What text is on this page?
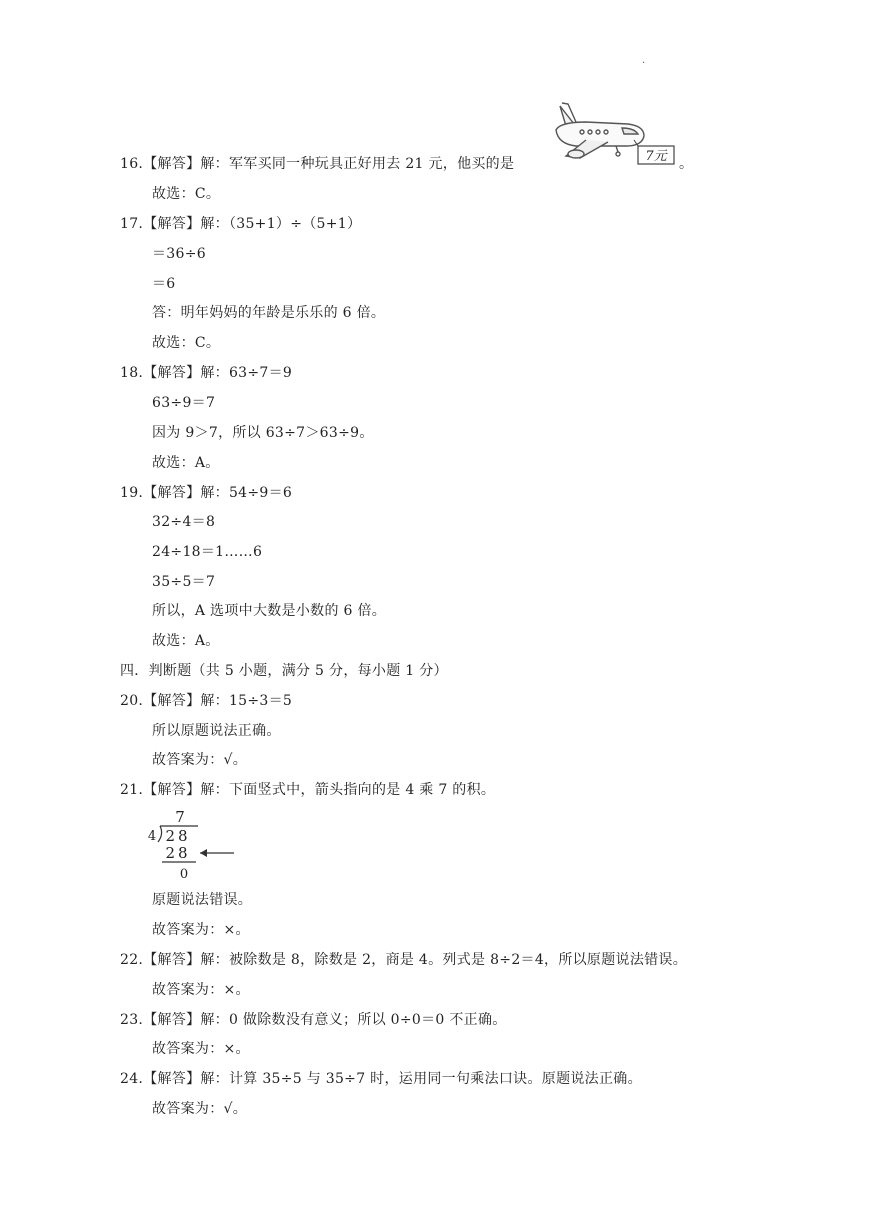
·
16.【解答】解：军军买同一种玩具正好用去 21 元，他买的是	7元 。
故选：C。
17.【解答】解：（35+1）÷（5+1）
＝36÷6
＝6
答：明年妈妈的年龄是乐乐的 6 倍。
故选：C。
18.【解答】解：63÷7＝9
63÷9＝7
因为 9＞7，所以 63÷7＞63÷9。
故选：A。
19.【解答】解：54÷9＝6
32÷4＝8
24÷18＝1……6
35÷5＝7
所以，A 选项中大数是小数的 6 倍。
故选：A。
四．判断题（共 5 小题，满分 5 分，每小题 1 分）
20.【解答】解：15÷3＝5
所以原题说法正确。
故答案为：√。
21.【解答】解：下面竖式中，箭头指向的是 4 乘 7 的积。
7
4 28
28
0
原题说法错误。
故答案为：×。
22.【解答】解：被除数是 8，除数是 2，商是 4。列式是 8÷2＝4，所以原题说法错误。
故答案为：×。
23.【解答】解：0 做除数没有意义；所以 0÷0＝0 不正确。
故答案为：×。
24.【解答】解：计算 35÷5 与 35÷7 时，运用同一句乘法口诀。原题说法正确。
故答案为：√。
